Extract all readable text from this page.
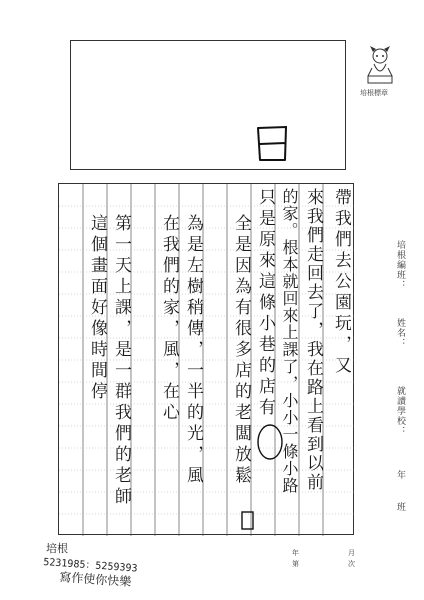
培根標章
帶我們去公園玩，又
來我們走回去了，我在路上看到以前
的家。根本就回來上課了，小小一條小路
只是原來這條小巷的店有
全是因為有很多店的老闆放鬆
為是左樹稍傳，一半的光，風
在我們的家，風，在心
第一天上課，是一群我們的老師
這個畫面好像時間停	培根編班：
姓名：
就讀學校：
年
班
年
第
月
次
培根
5231985：5259393
寫作使你快樂
